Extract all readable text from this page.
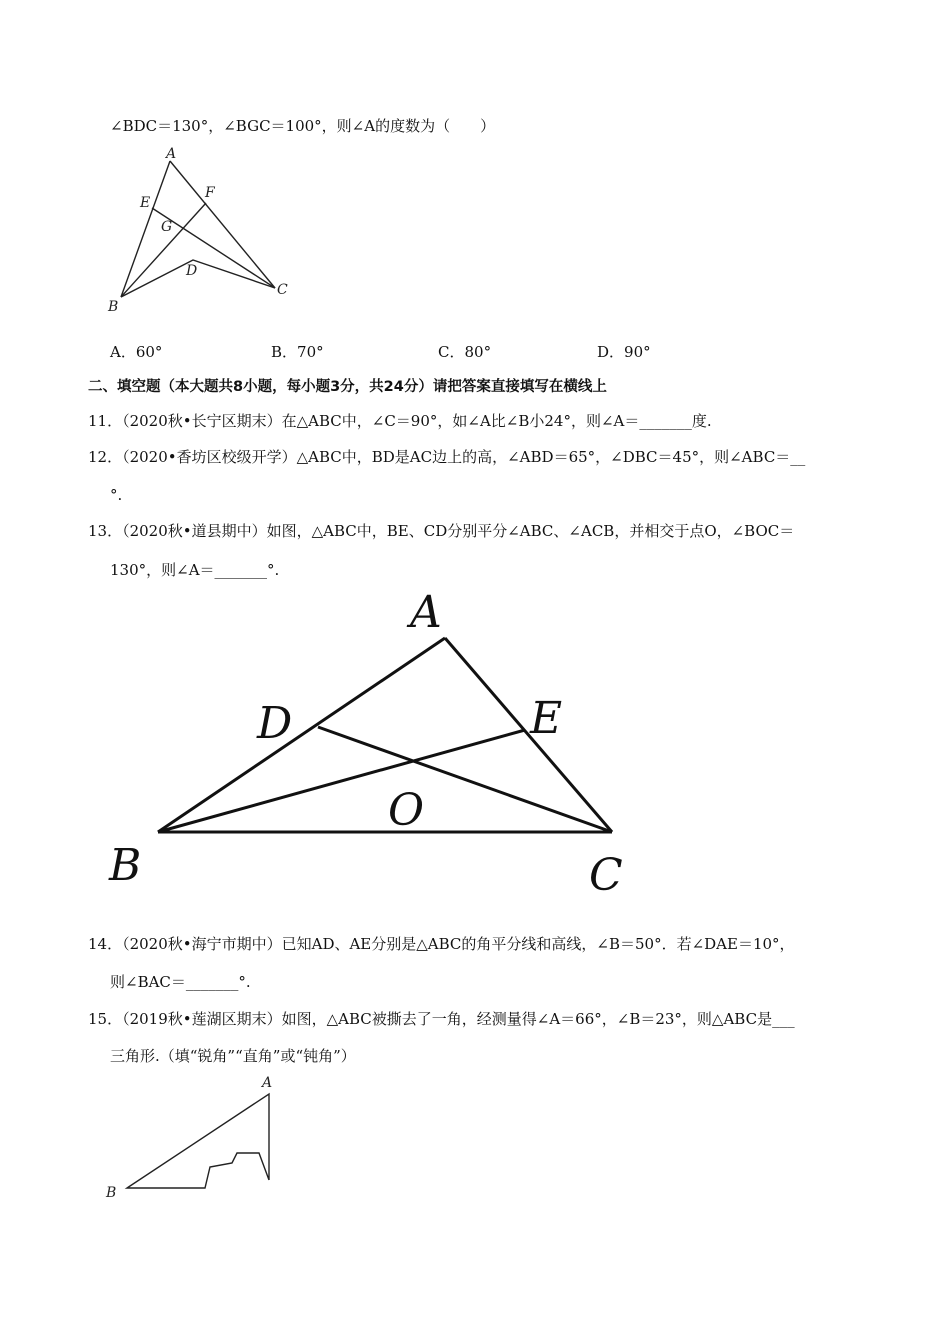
∠BDC＝130°，∠BGC＝100°，则∠A的度数为（　　）
A
E
F
G
D
B
C
A
D	E
O
B	C
A
B
A．60°	B．70°	C．80°	D．90°
二、填空题（本大题共8小题，每小题3分，共24分）请把答案直接填写在横线上
11．（2020秋•长宁区期末）在△ABC中，∠C＝90°，如∠A比∠B小24°，则∠A＝_______度.
12．（2020•香坊区校级开学）△ABC中，BD是AC边上的高，∠ABD＝65°，∠DBC＝45°，则∠ABC＝__
°.
13．（2020秋•道县期中）如图，△ABC中，BE、CD分别平分∠ABC、∠ACB，并相交于点O，∠BOC＝
130°，则∠A＝_______°.
14．（2020秋•海宁市期中）已知AD、AE分别是△ABC的角平分线和高线，∠B＝50°．若∠DAE＝10°，
则∠BAC＝_______°.
15．（2019秋•莲湖区期末）如图，△ABC被撕去了一角，经测量得∠A＝66°，∠B＝23°，则△ABC是___
三角形.（填“锐角”“直角”或“钝角”）
